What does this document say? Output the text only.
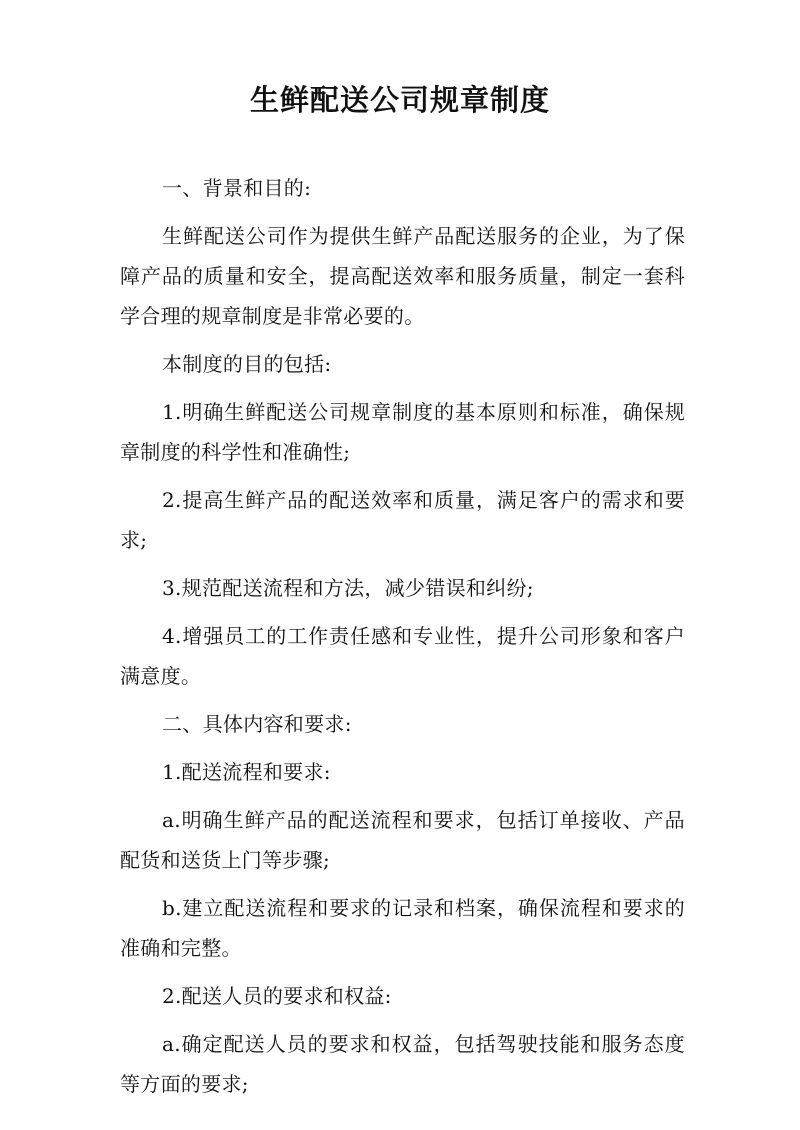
生鲜配送公司规章制度

一、背景和目的:

生鲜配送公司作为提供生鲜产品配送服务的企业，为了保障产品的质量和安全，提高配送效率和服务质量，制定一套科学合理的规章制度是非常必要的。

本制度的目的包括:

1.明确生鲜配送公司规章制度的基本原则和标准，确保规章制度的科学性和准确性;

2.提高生鲜产品的配送效率和质量，满足客户的需求和要求;

3.规范配送流程和方法，减少错误和纠纷;

4.增强员工的工作责任感和专业性，提升公司形象和客户满意度。

二、具体内容和要求:

1.配送流程和要求:

a.明确生鲜产品的配送流程和要求，包括订单接收、产品配货和送货上门等步骤;

b.建立配送流程和要求的记录和档案，确保流程和要求的准确和完整。

2.配送人员的要求和权益:

a.确定配送人员的要求和权益，包括驾驶技能和服务态度等方面的要求;
